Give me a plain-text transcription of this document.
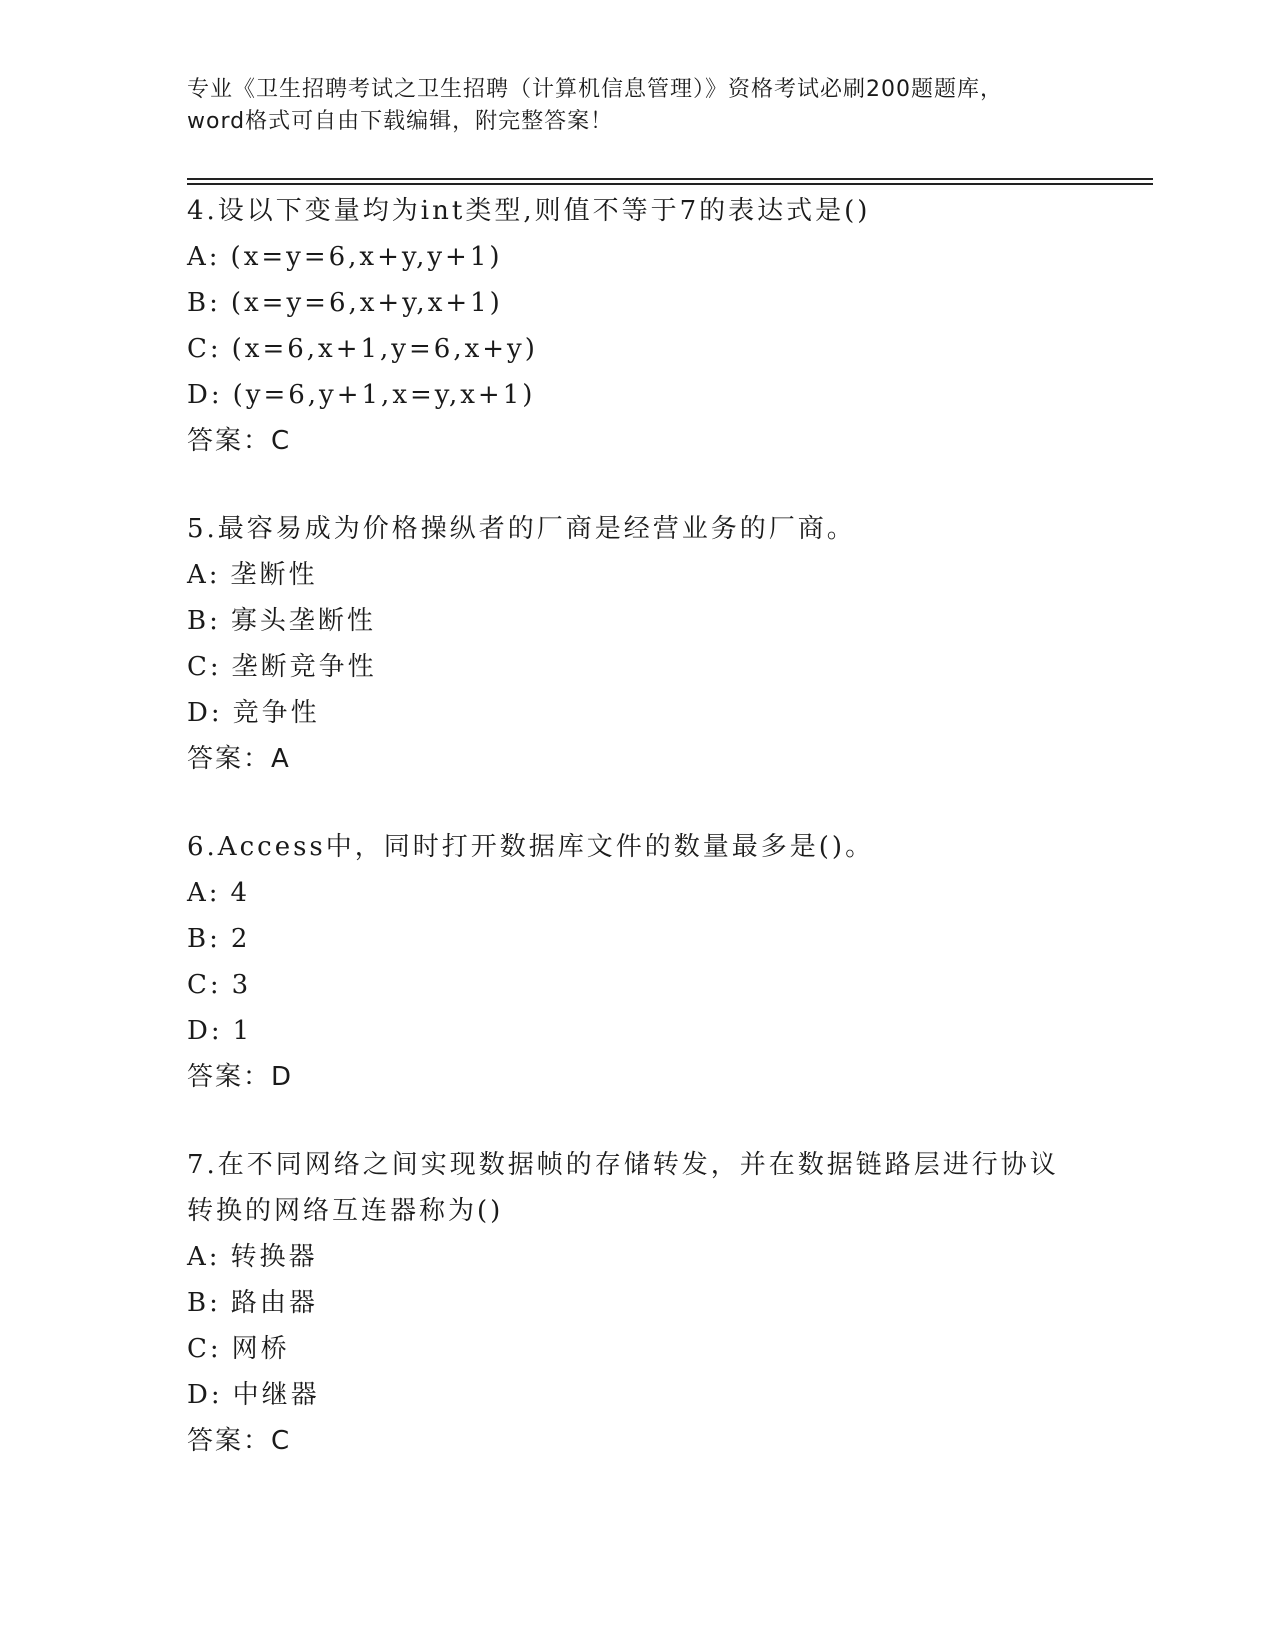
专业《卫生招聘考试之卫生招聘（计算机信息管理）》资格考试必刷200题题库，
word格式可自由下载编辑，附完整答案！
4.设以下变量均为int类型,则值不等于7的表达式是()
A: (x=y=6,x+y,y+1)
B: (x=y=6,x+y,x+1)
C: (x=6,x+1,y=6,x+y)
D: (y=6,y+1,x=y,x+1)
答案：C
5.最容易成为价格操纵者的厂商是经营业务的厂商。
A: 垄断性
B: 寡头垄断性
C: 垄断竞争性
D: 竞争性
答案：A
6.Access中，同时打开数据库文件的数量最多是()。
A: 4
B: 2
C: 3
D: 1
答案：D
7.在不同网络之间实现数据帧的存储转发，并在数据链路层进行协议转换的网络互连器称为()
A: 转换器
B: 路由器
C: 网桥
D: 中继器
答案：C
